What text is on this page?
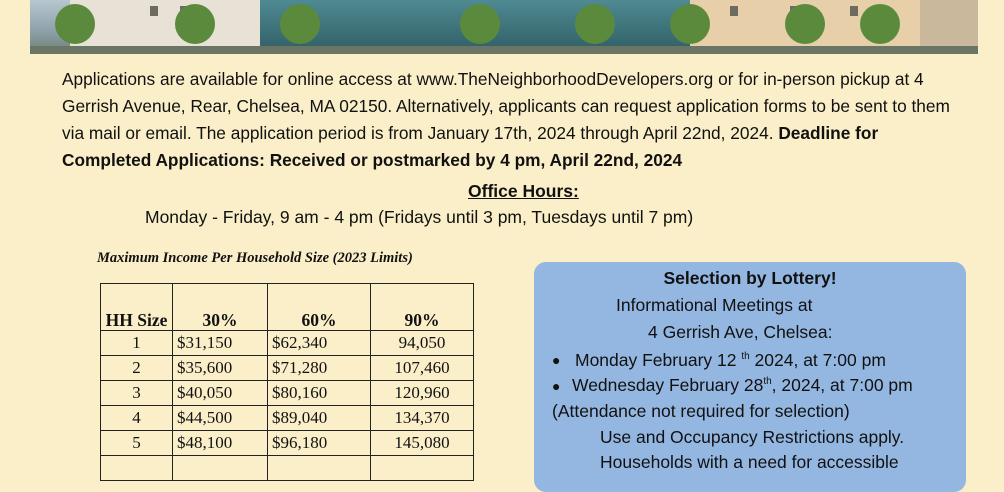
Applications are available for online access at www.TheNeighborhoodDevelopers.org or for in-person pickup at 4 Gerrish Avenue, Rear, Chelsea, MA 02150. Alternatively, applicants can request application forms to be sent to them via mail or email. The application period is from January 17th, 2024 through April 22nd, 2024. Deadline for Completed Applications: Received or postmarked by 4 pm, April 22nd, 2024
Office Hours:
Monday - Friday, 9 am - 4 pm (Fridays until 3 pm, Tuesdays until 7 pm)
Maximum Income Per Household Size (2023 Limits)
HH Size	30%	60%	90%
1	$31,150	$62,340	94,050
2	$35,600	$71,280	107,460
3	$40,050	$80,160	120,960
4	$44,500	$89,040	134,370
5	$48,100	$96,180	145,080

Selection by Lottery!
Informational Meetings at
4 Gerrish Ave, Chelsea:
● Monday February 12 $^{th}$ 2024, at 7:00 pm
● Wednesday February 28th, 2024, at 7:00 pm
(Attendance not required for selection)
Use and Occupancy Restrictions apply.
Households with a need for accessible
